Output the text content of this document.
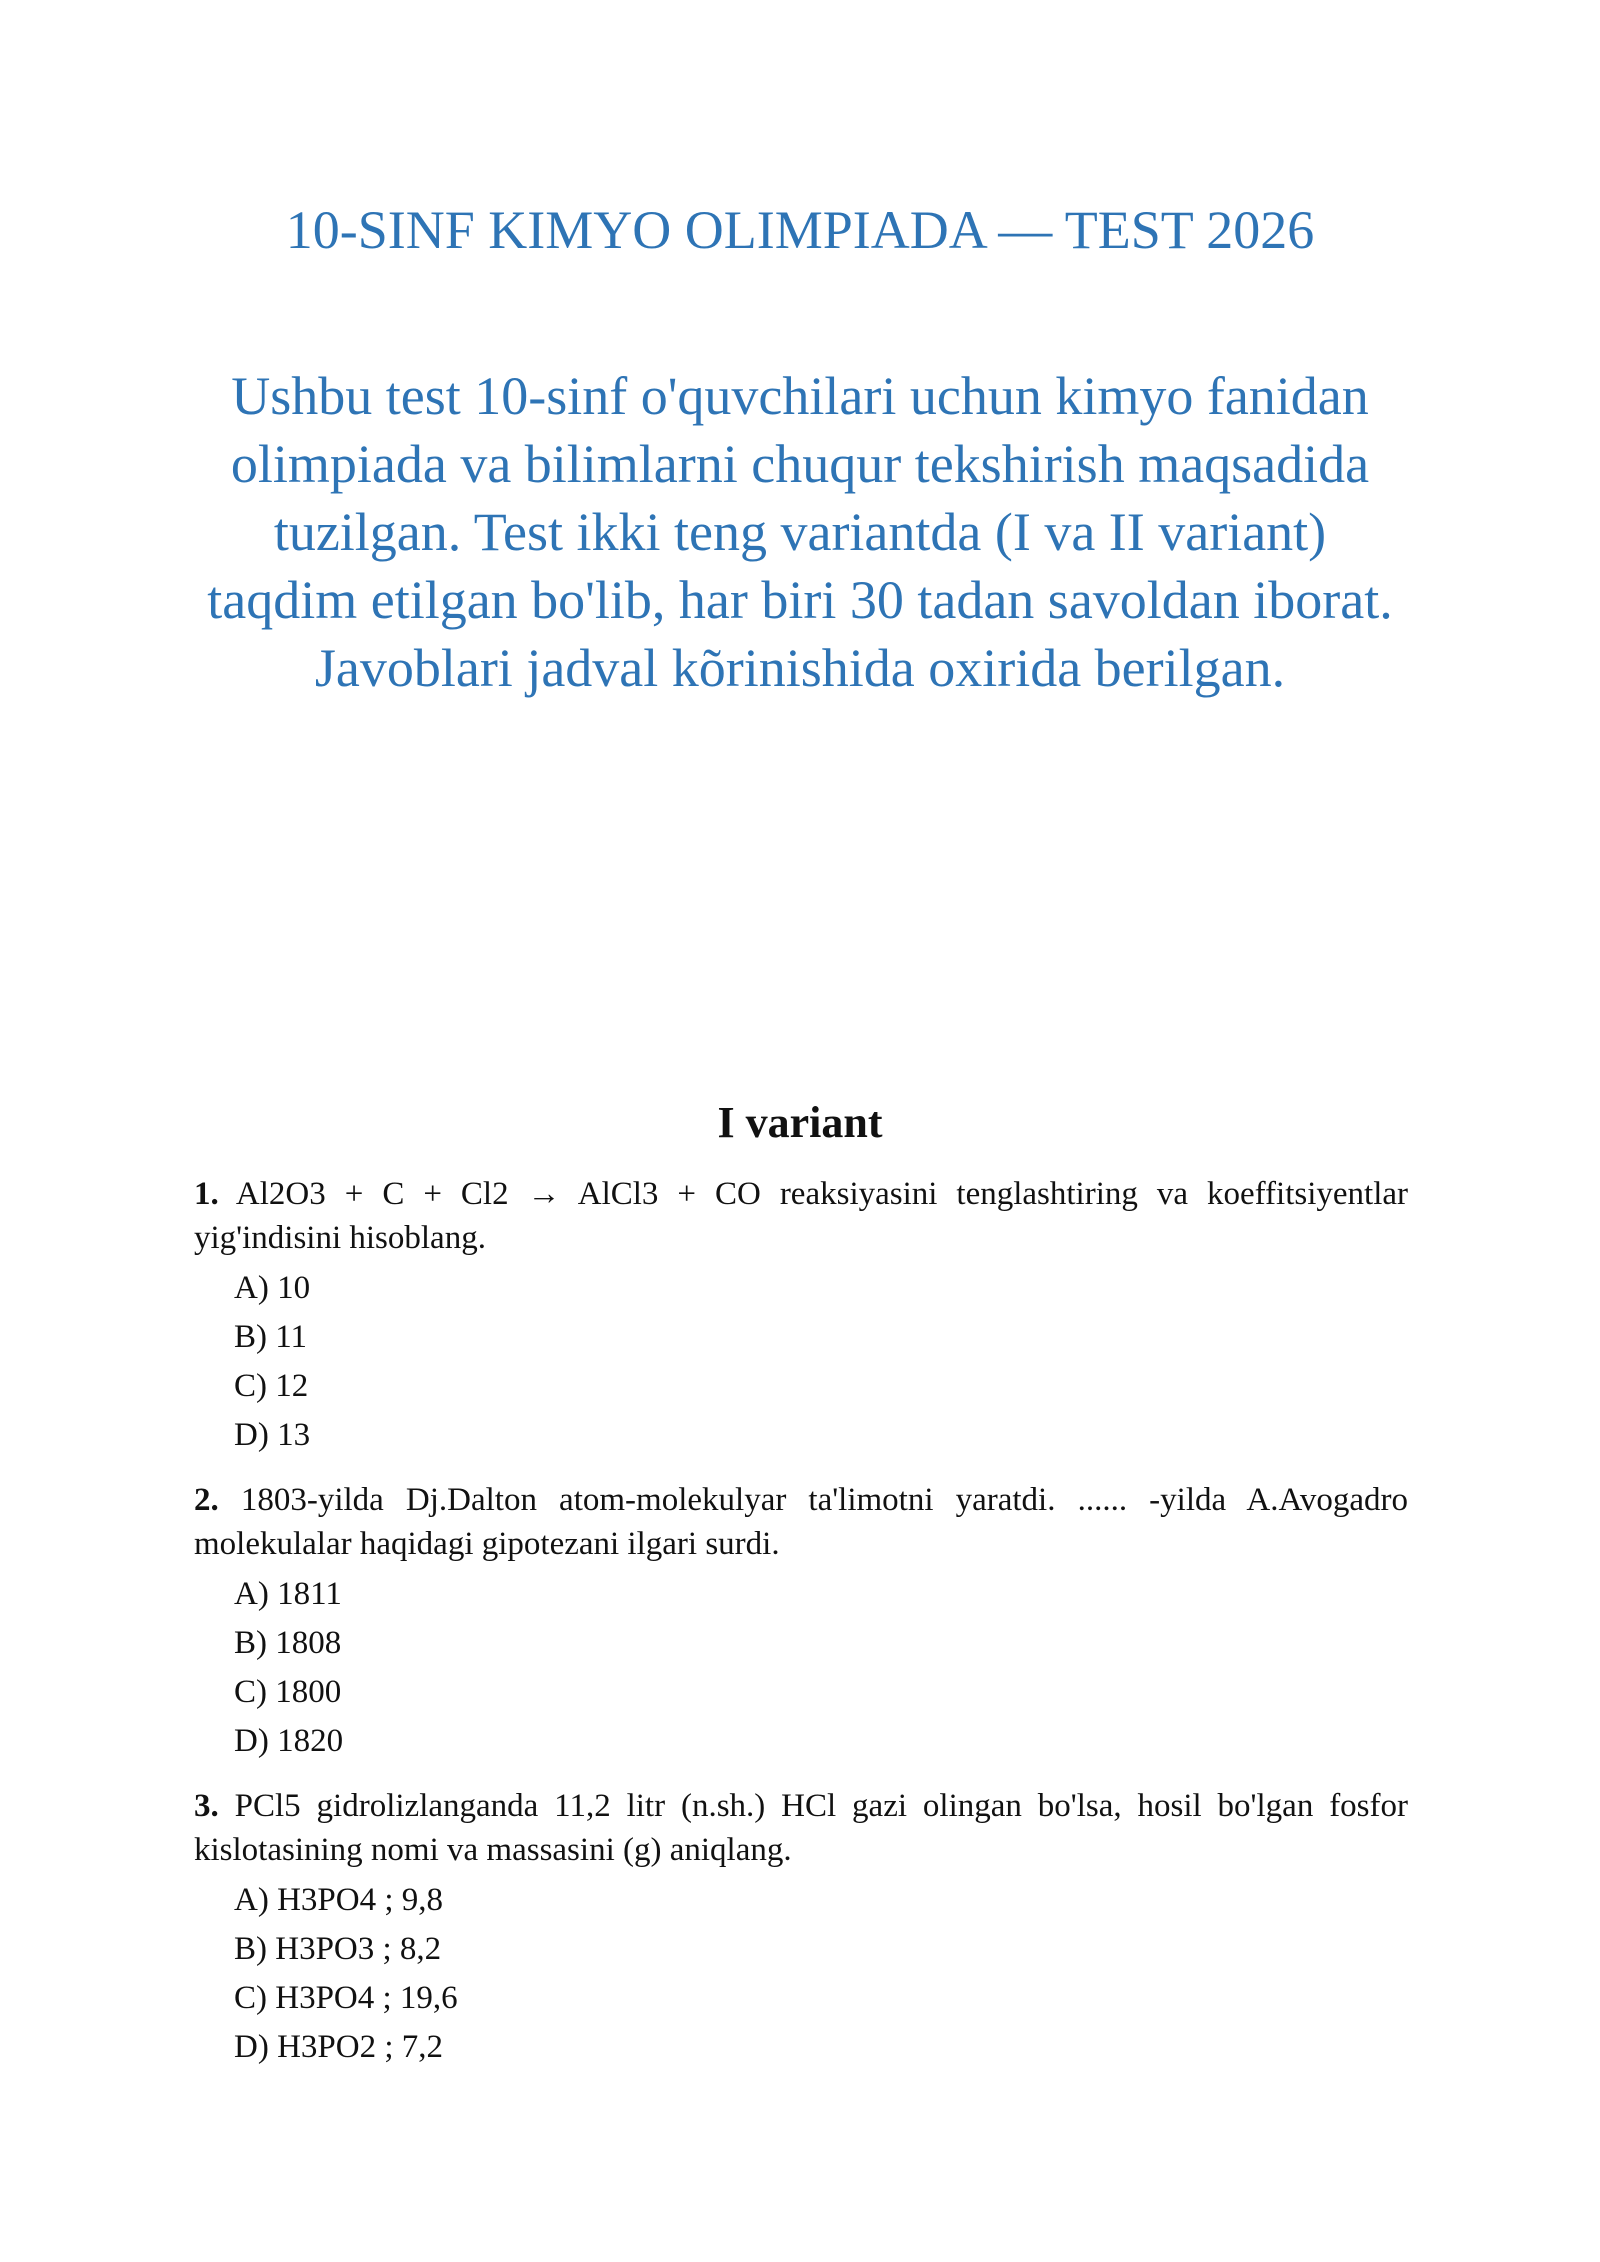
10-SINF KIMYO OLIMPIADA — TEST 2026

Ushbu test 10-sinf o'quvchilari uchun kimyo fanidan olimpiada va bilimlarni chuqur tekshirish maqsadida tuzilgan. Test ikki teng variantda (I va II variant) taqdim etilgan bo'lib, har biri 30 tadan savoldan iborat. Javoblari jadval kõrinishida oxirida berilgan.

I variant

1. Al2O3 + C + Cl2 → AlCl3 + CO reaksiyasini tenglashtiring va koeffitsiyentlar yig'indisini hisoblang.

A) 10
B) 11
C) 12
D) 13

2. 1803-yilda Dj.Dalton atom-molekulyar ta'limotni yaratdi. ...... -yilda A.Avogadro molekulalar haqidagi gipotezani ilgari surdi.

A) 1811
B) 1808
C) 1800
D) 1820

3. PCl5 gidrolizlanganda 11,2 litr (n.sh.) HCl gazi olingan bo'lsa, hosil bo'lgan fosfor kislotasining nomi va massasini (g) aniqlang.

A) H3PO4 ; 9,8
B) H3PO3 ; 8,2
C) H3PO4 ; 19,6
D) H3PO2 ; 7,2
